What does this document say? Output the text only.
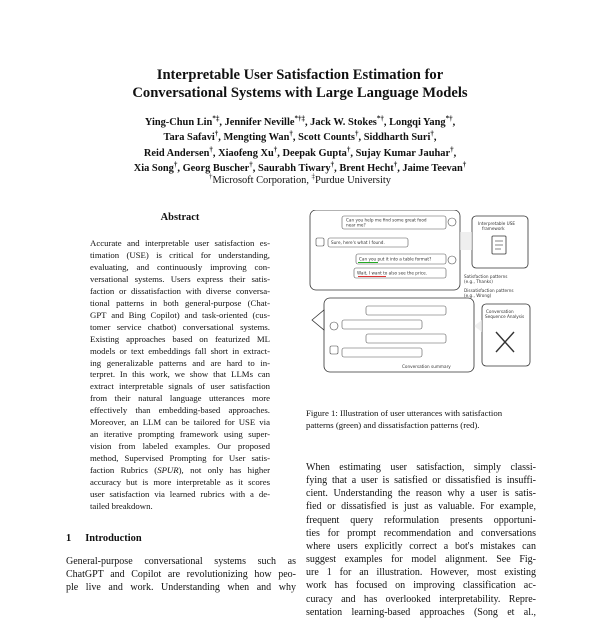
Interpretable User Satisfaction Estimation for
Conversational Systems with Large Language Models
Ying-Chun Lin*‡, Jennifer Neville*†‡, Jack W. Stokes*†, Longqi Yang*†,
Tara Safavi†, Mengting Wan†, Scott Counts†, Siddharth Suri†,
Reid Andersen†, Xiaofeng Xu†, Deepak Gupta†, Sujay Kumar Jauhar†,
Xia Song†, Georg Buscher†, Saurabh Tiwary†, Brent Hecht†, Jaime Teevan†
†Microsoft Corporation, ‡Purdue University
Abstract
Accurate and interpretable user satisfaction es-
timation (USE) is critical for understanding,
evaluating, and continuously improving con-
versational systems. Users express their satis-
faction or dissatisfaction with diverse conversa-
tional patterns in both general-purpose (Chat-
GPT and Bing Copilot) and task-oriented (cus-
tomer service chatbot) conversational systems.
Existing approaches based on featurized ML
models or text embeddings fall short in extract-
ing generalizable patterns and are hard to in-
terpret. In this work, we show that LLMs can
extract interpretable signals of user satisfaction
from their natural language utterances more
effectively than embedding-based approaches.
Moreover, an LLM can be tailored for USE via
an iterative prompting framework using super-
vision from labeled examples. Our proposed
method, Supervised Prompting for User satis-
faction Rubrics (SPUR), not only has higher
accuracy but is more interpretable as it scores
user satisfaction via learned rubrics with a de-
tailed breakdown.
1 Introduction
General-purpose conversational systems such as
ChatGPT and Copilot are revolutionizing how peo-
ple live and work. Understanding when and why
Can you help me find some great food
near me?
Sure, here's what I found.
Can you put it into a table format?
Wait, I want to also see the price.
Interpretable USE
framework
Satisfaction patterns
(e.g., Thanks)
Dissatisfaction patterns
(e.g., Wrong)
Conversation summary
Conversation
Sequence Analysis
Figure 1: Illustration of user utterances with satisfaction
patterns (green) and dissatisfaction patterns (red).
When estimating user satisfaction, simply classi-
fying that a user is satisfied or dissatisfied is insuffi-
cient. Understanding the reason why a user is satis-
fied or dissatisfied is just as valuable. For example,
frequent query reformulation presents opportuni-
ties for prompt recommendation and conversations
where users explicitly correct a bot's mistakes can
suggest examples for model alignment. See Fig-
ure 1 for an illustration. However, most existing
work has focused on improving classification ac-
curacy and has overlooked interpretability. Repre-
sentation learning-based approaches (Song et al.,
